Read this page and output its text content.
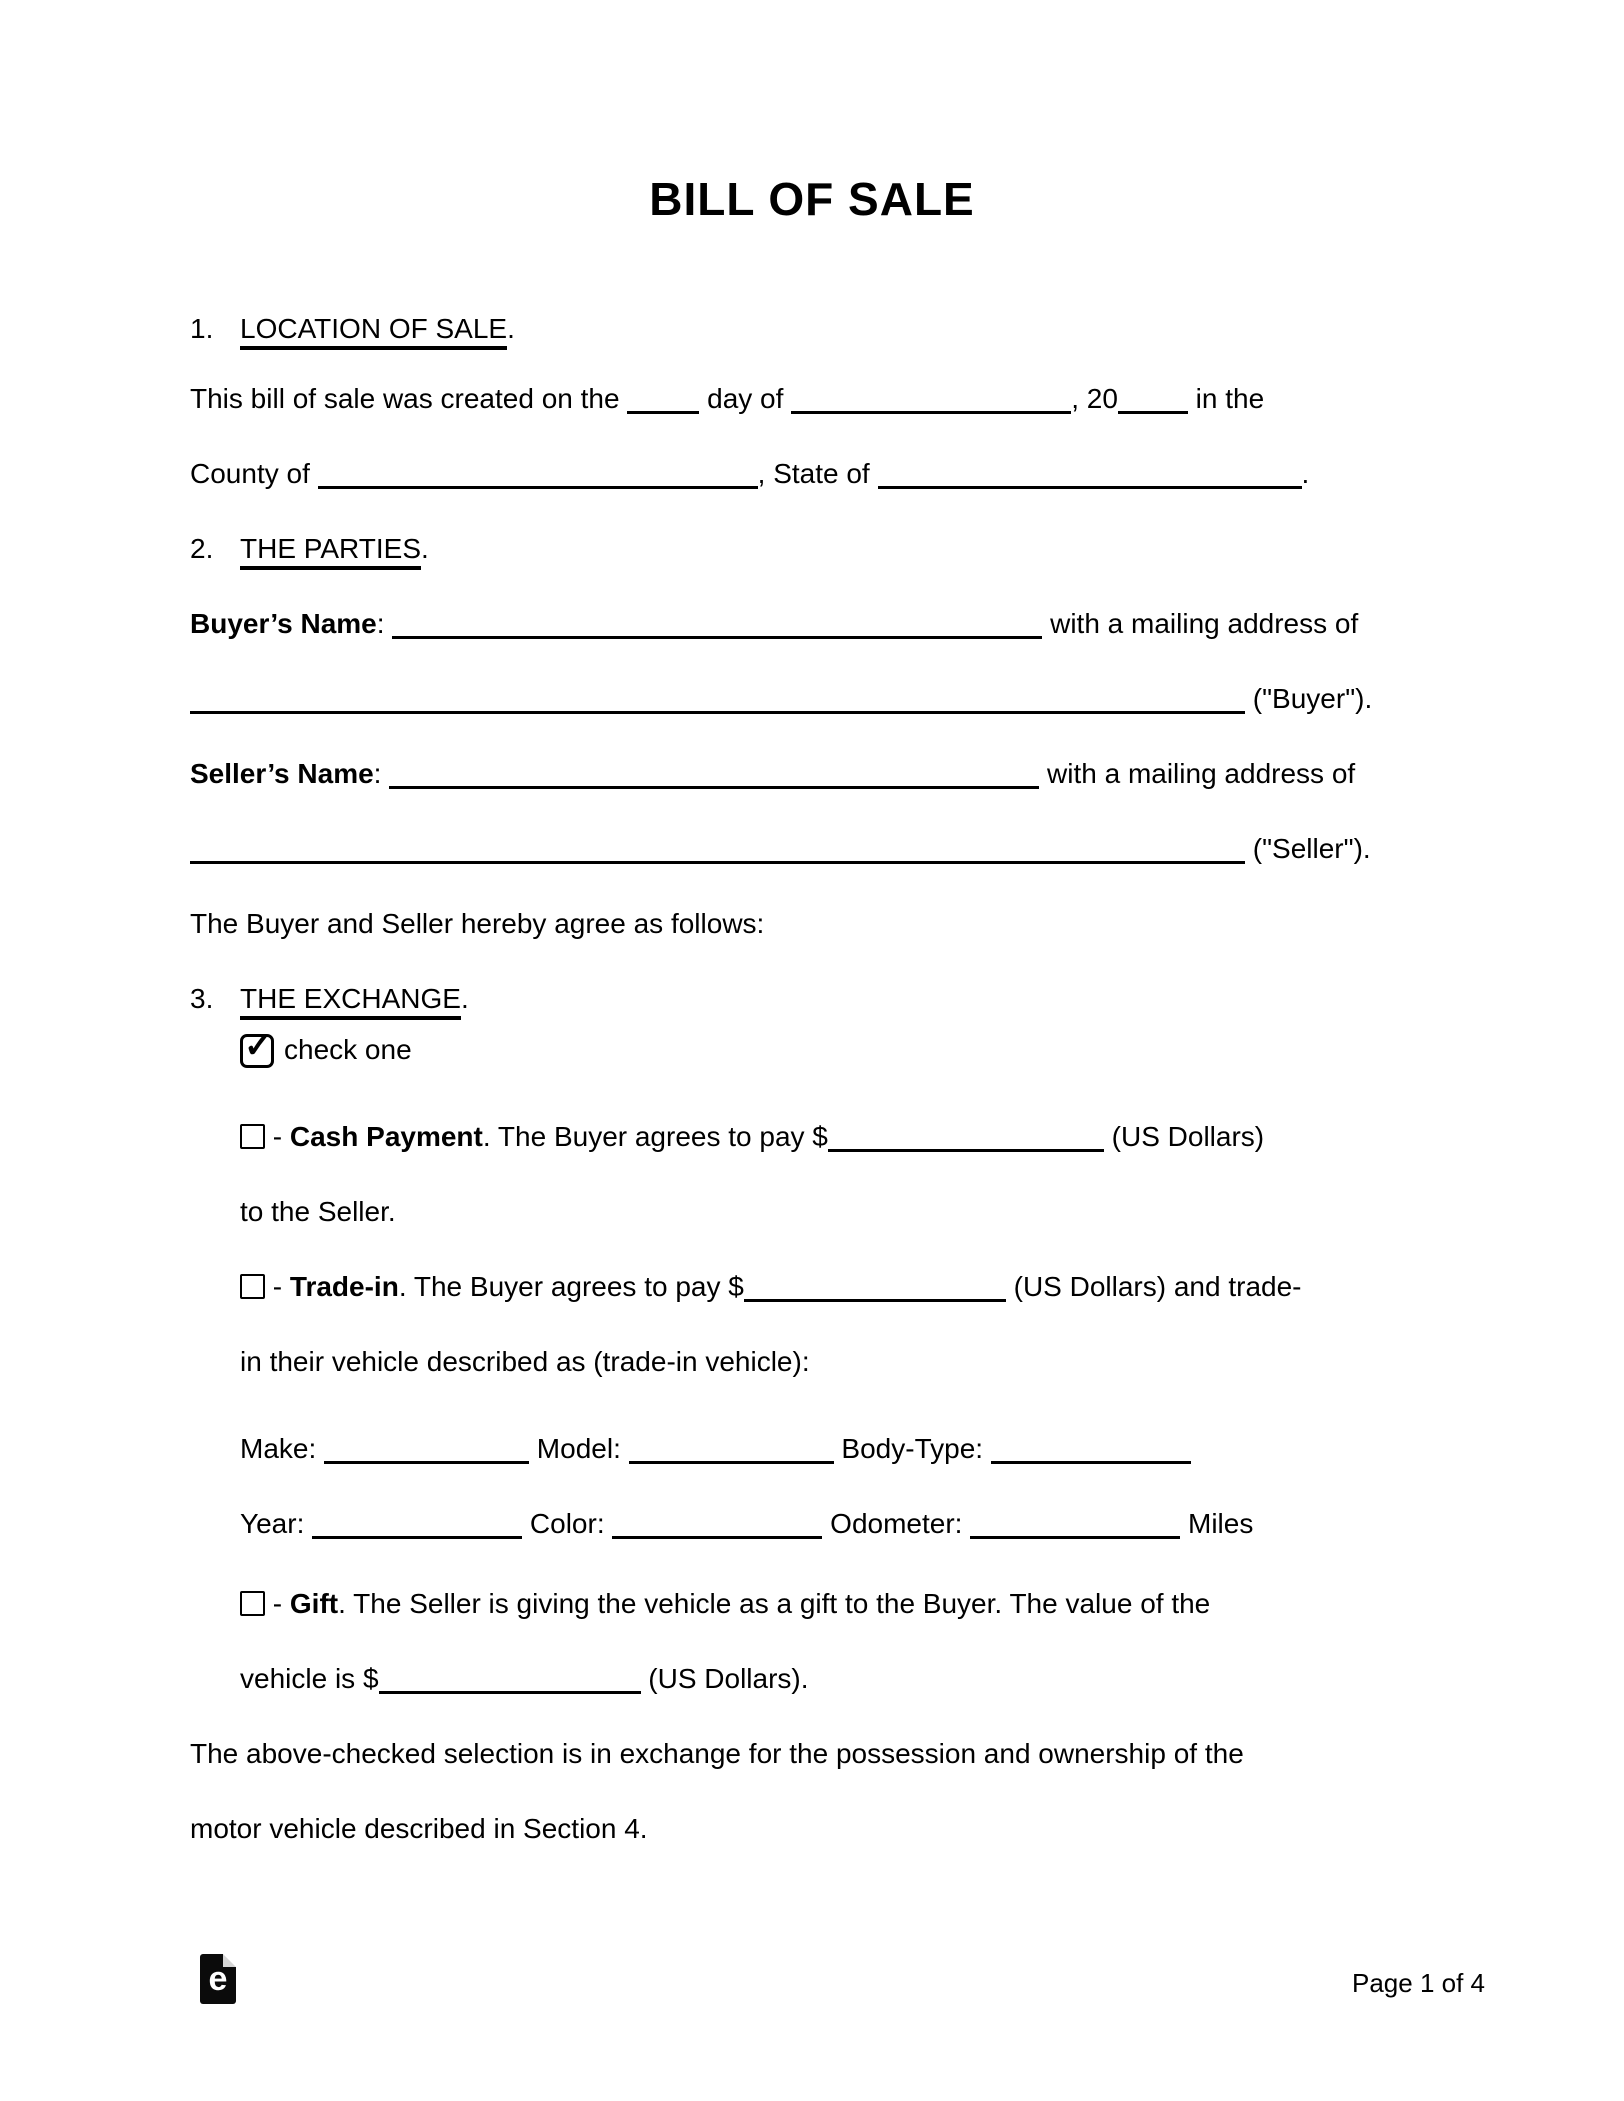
BILL OF SALE
1. LOCATION OF SALE.
This bill of sale was created on the	day of	, 20	in the
County of	, State of	.
2. THE PARTIES.
Buyer’s Name:	with a mailing address of
("Buyer").
Seller’s Name:	with a mailing address of
("Seller").
The Buyer and Seller hereby agree as follows:
3. THE EXCHANGE.
✓ check one
- Cash Payment. The Buyer agrees to pay $	(US Dollars)
to the Seller.
- Trade-in. The Buyer agrees to pay $	(US Dollars) and trade-
in their vehicle described as (trade-in vehicle):
Make:	Model:	Body-Type:
Year:	Color:	Odometer:	Miles
- Gift. The Seller is giving the vehicle as a gift to the Buyer. The value of the
vehicle is $	(US Dollars).
The above-checked selection is in exchange for the possession and ownership of the
motor vehicle described in Section 4.
e	Page 1 of 4
